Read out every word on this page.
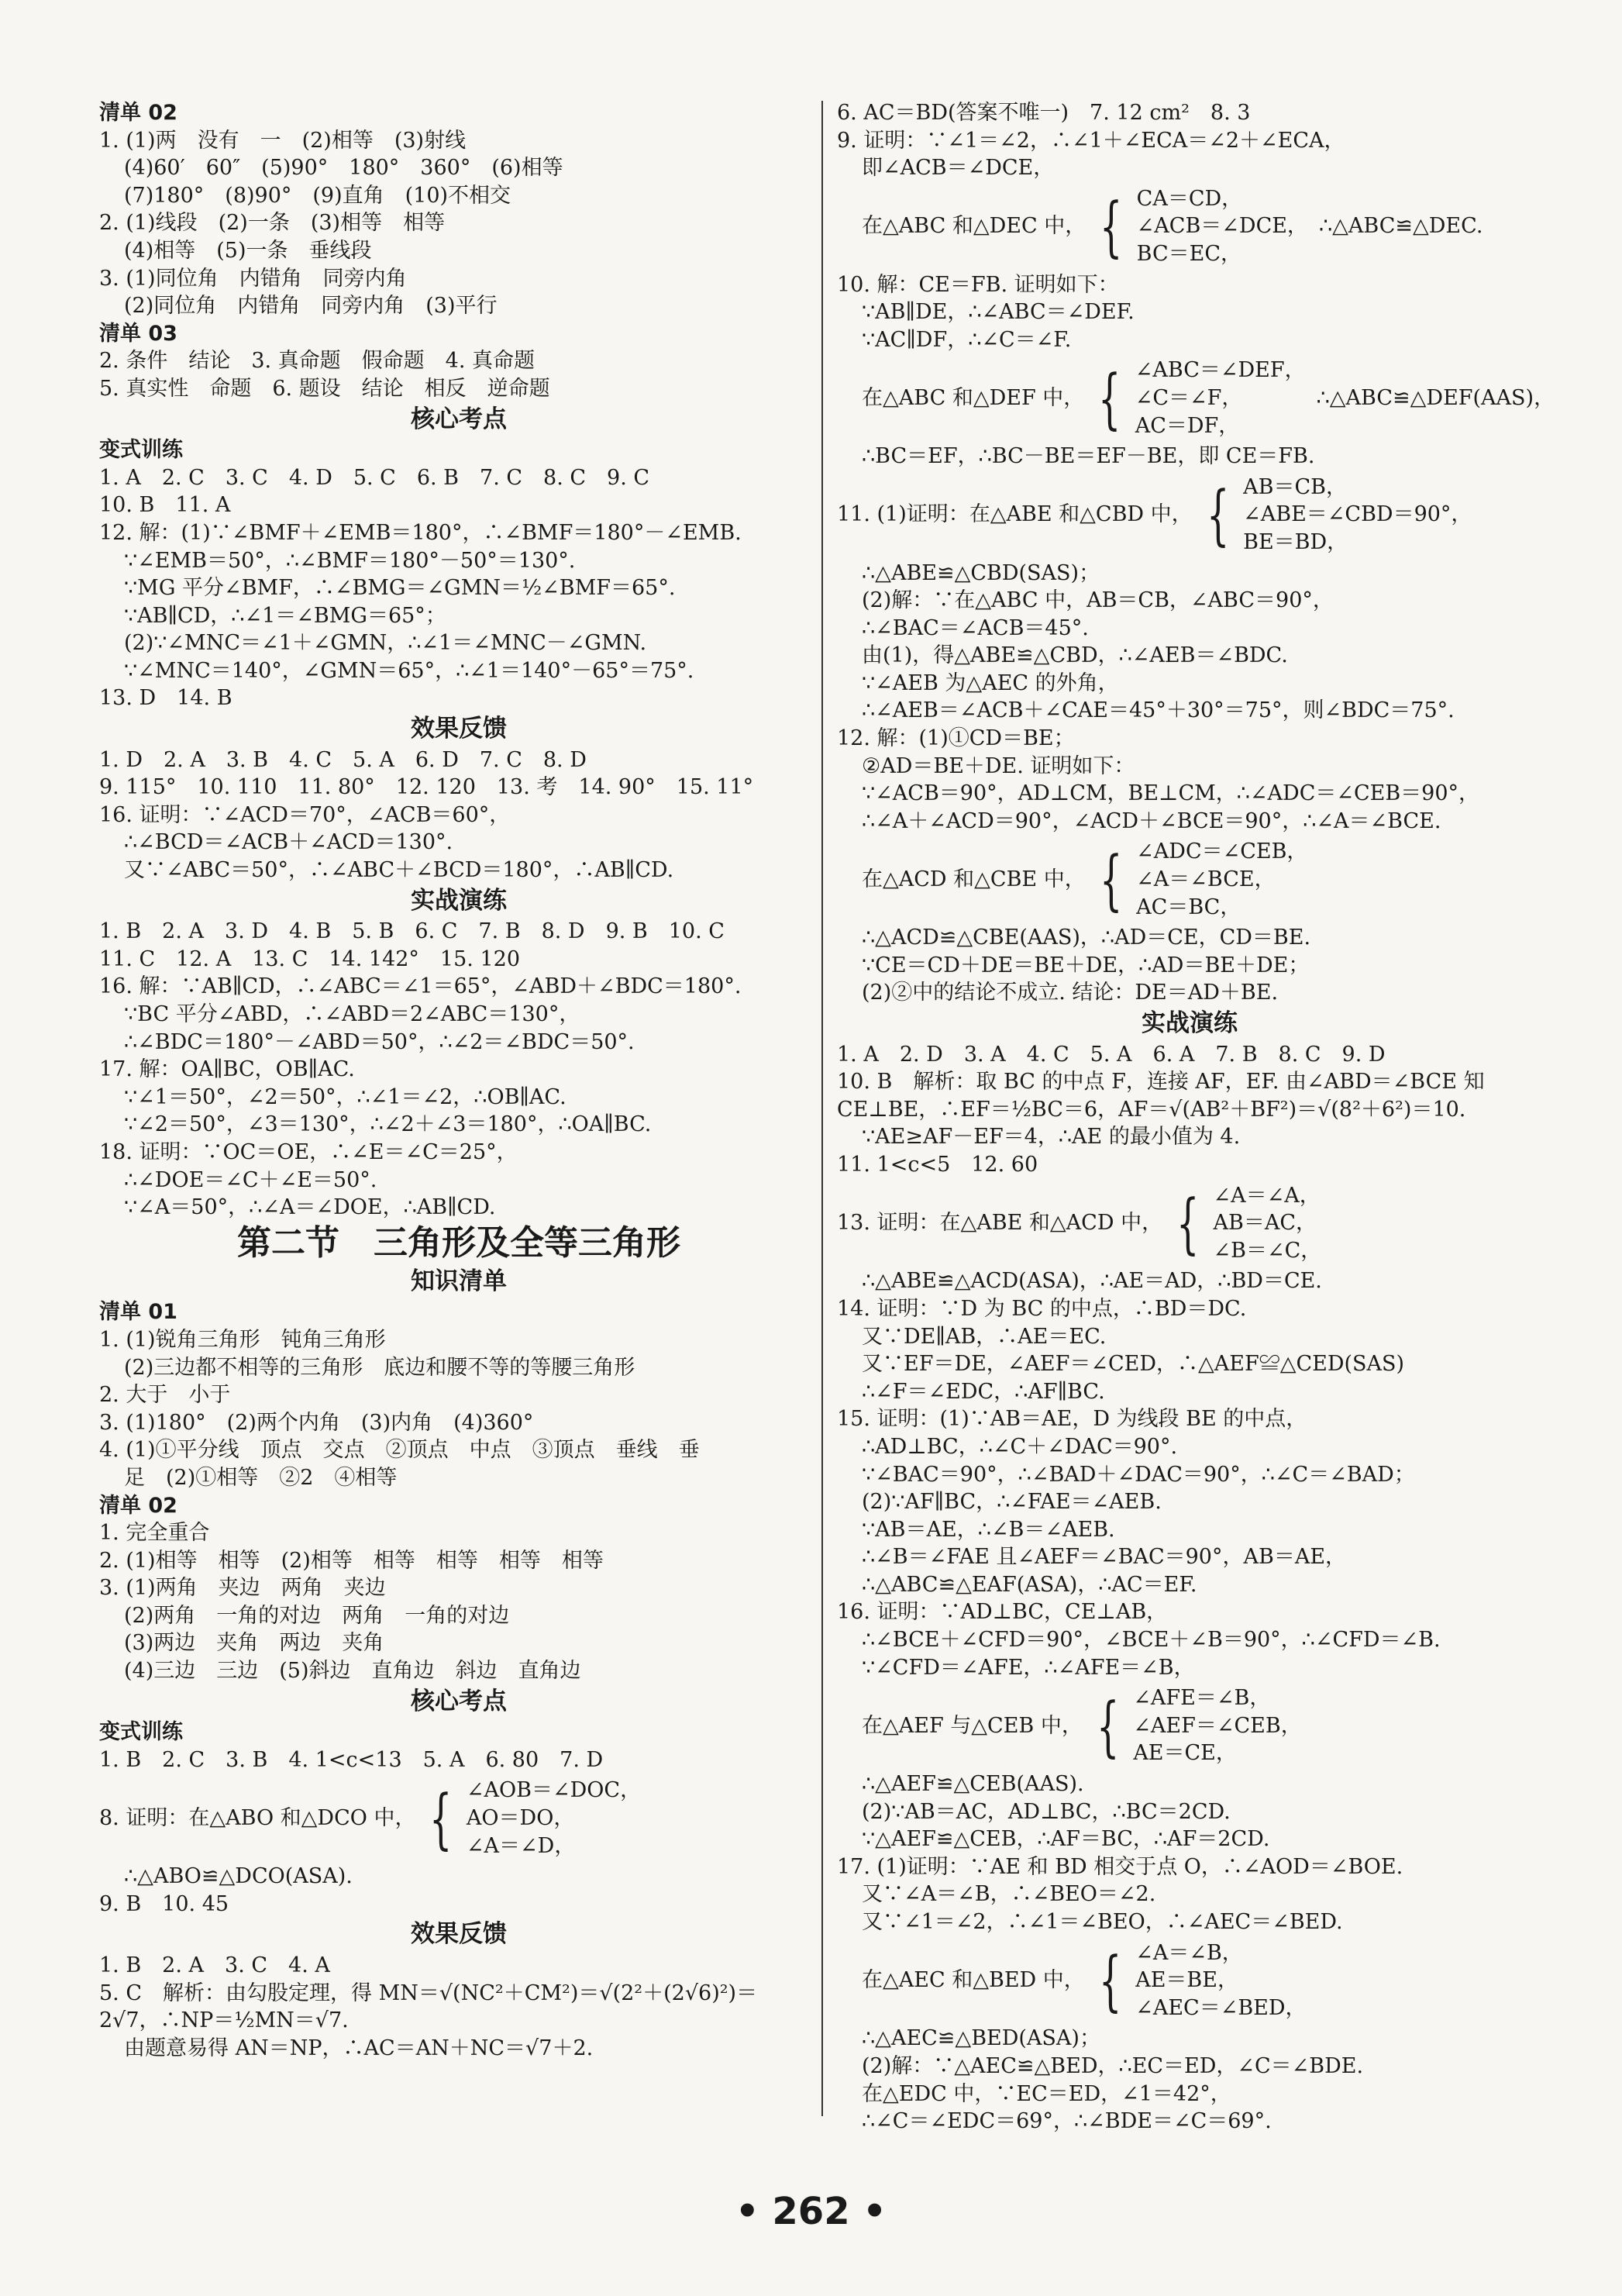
清单 02
1. (1)两　没有　一　(2)相等　(3)射线
(4)60′　60″　(5)90°　180°　360°　(6)相等
(7)180°　(8)90°　(9)直角　(10)不相交
2. (1)线段　(2)一条　(3)相等　相等
(4)相等　(5)一条　垂线段
3. (1)同位角　内错角　同旁内角
(2)同位角　内错角　同旁内角　(3)平行
清单 03
2. 条件　结论　3. 真命题　假命题　4. 真命题
5. 真实性　命题　6. 题设　结论　相反　逆命题
核心考点
变式训练
1. A　2. C　3. C　4. D　5. C　6. B　7. C　8. C　9. C
10. B　11. A
12. 解：(1)∵∠BMF＋∠EMB＝180°，∴∠BMF＝180°－∠EMB.
∵∠EMB＝50°，∴∠BMF＝180°－50°＝130°.
∵MG 平分∠BMF，∴∠BMG＝∠GMN＝½∠BMF＝65°.
∵AB∥CD，∴∠1＝∠BMG＝65°；
(2)∵∠MNC＝∠1＋∠GMN，∴∠1＝∠MNC－∠GMN.
∵∠MNC＝140°，∠GMN＝65°，∴∠1＝140°－65°＝75°.
13. D　14. B
效果反馈
1. D　2. A　3. B　4. C　5. A　6. D　7. C　8. D
9. 115°　10. 110　11. 80°　12. 120　13. 考　14. 90°　15. 11°
16. 证明：∵∠ACD＝70°，∠ACB＝60°，
∴∠BCD＝∠ACB＋∠ACD＝130°.
又∵∠ABC＝50°，∴∠ABC＋∠BCD＝180°，∴AB∥CD.
实战演练
1. B　2. A　3. D　4. B　5. B　6. C　7. B　8. D　9. B　10. C
11. C　12. A　13. C　14. 142°　15. 120
16. 解：∵AB∥CD，∴∠ABC＝∠1＝65°，∠ABD＋∠BDC＝180°.
∵BC 平分∠ABD，∴∠ABD＝2∠ABC＝130°，
∴∠BDC＝180°－∠ABD＝50°，∴∠2＝∠BDC＝50°.
17. 解：OA∥BC，OB∥AC.
∵∠1＝50°，∠2＝50°，∴∠1＝∠2，∴OB∥AC.
∵∠2＝50°，∠3＝130°，∴∠2＋∠3＝180°，∴OA∥BC.
18. 证明：∵OC＝OE，∴∠E＝∠C＝25°，
∴∠DOE＝∠C＋∠E＝50°.
∵∠A＝50°，∴∠A＝∠DOE，∴AB∥CD.
第二节　三角形及全等三角形
知识清单
清单 01
1. (1)锐角三角形　钝角三角形
(2)三边都不相等的三角形　底边和腰不等的等腰三角形
2. 大于　小于
3. (1)180°　(2)两个内角　(3)内角　(4)360°
4. (1)①平分线　顶点　交点　②顶点　中点　③顶点　垂线　垂
足　(2)①相等　②2　④相等
清单 02
1. 完全重合
2. (1)相等　相等　(2)相等　相等　相等　相等　相等
3. (1)两角　夹边　两角　夹边
(2)两角　一角的对边　两角　一角的对边
(3)两边　夹角　两边　夹角
(4)三边　三边　(5)斜边　直角边　斜边　直角边
核心考点
变式训练
1. B　2. C　3. B　4. 1<c<13　5. A　6. 80　7. D
8. 证明：在△ABO 和△DCO 中， { ∠AOB＝∠DOC，
AO＝DO，
∠A＝∠D，
∴△ABO≌△DCO(ASA).
9. B　10. 45
效果反馈
1. B　2. A　3. C　4. A
5. C　解析：由勾股定理，得 MN＝√(NC²＋CM²)＝√(2²＋(2√6)²)＝
2√7，∴NP＝½MN＝√7.
由题意易得 AN＝NP，∴AC＝AN＋NC＝√7＋2.
6. AC＝BD(答案不唯一)　7. 12 cm²　8. 3
9. 证明：∵∠1＝∠2，∴∠1＋∠ECA＝∠2＋∠ECA，
即∠ACB＝∠DCE，
在△ABC 和△DEC 中， { CA＝CD，
∠ACB＝∠DCE，
BC＝EC，
∴△ABC≌△DEC.
10. 解：CE＝FB. 证明如下：
∵AB∥DE，∴∠ABC＝∠DEF.
∵AC∥DF，∴∠C＝∠F.
在△ABC 和△DEF 中， { ∠ABC＝∠DEF，
∠C＝∠F，
AC＝DF，
∴△ABC≌△DEF(AAS)，
∴BC＝EF，∴BC－BE＝EF－BE，即 CE＝FB.
11. (1)证明：在△ABE 和△CBD 中， { AB＝CB，
∠ABE＝∠CBD＝90°，
BE＝BD，
∴△ABE≌△CBD(SAS)；
(2)解：∵在△ABC 中，AB＝CB，∠ABC＝90°，
∴∠BAC＝∠ACB＝45°.
由(1)，得△ABE≌△CBD，∴∠AEB＝∠BDC.
∵∠AEB 为△AEC 的外角，
∴∠AEB＝∠ACB＋∠CAE＝45°＋30°＝75°，则∠BDC＝75°.
12. 解：(1)①CD＝BE；
②AD＝BE＋DE. 证明如下：
∵∠ACB＝90°，AD⊥CM，BE⊥CM，∴∠ADC＝∠CEB＝90°，
∴∠A＋∠ACD＝90°，∠ACD＋∠BCE＝90°，∴∠A＝∠BCE.
在△ACD 和△CBE 中， { ∠ADC＝∠CEB，
∠A＝∠BCE，
AC＝BC，
∴△ACD≌△CBE(AAS)，∴AD＝CE，CD＝BE.
∵CE＝CD＋DE＝BE＋DE，∴AD＝BE＋DE；
(2)②中的结论不成立. 结论：DE＝AD＋BE.
实战演练
1. A　2. D　3. A　4. C　5. A　6. A　7. B　8. C　9. D
10. B　解析：取 BC 的中点 F，连接 AF，EF. 由∠ABD＝∠BCE 知
CE⊥BE，∴EF＝½BC＝6，AF＝√(AB²＋BF²)＝√(8²＋6²)＝10.
∵AE≥AF－EF＝4，∴AE 的最小值为 4.
11. 1<c<5　12. 60
13. 证明：在△ABE 和△ACD 中， { ∠A＝∠A，
AB＝AC，
∠B＝∠C，
∴△ABE≌△ACD(ASA)，∴AE＝AD，∴BD＝CE.
14. 证明：∵D 为 BC 的中点，∴BD＝DC.
又∵DE∥AB，∴AE＝EC.
又∵EF＝DE，∠AEF＝∠CED，∴△AEF≌△CED(SAS)
∴∠F＝∠EDC，∴AF∥BC.
15. 证明：(1)∵AB＝AE，D 为线段 BE 的中点，
∴AD⊥BC，∴∠C＋∠DAC＝90°.
∵∠BAC＝90°，∴∠BAD＋∠DAC＝90°，∴∠C＝∠BAD；
(2)∵AF∥BC，∴∠FAE＝∠AEB.
∵AB＝AE，∴∠B＝∠AEB.
∴∠B＝∠FAE 且∠AEF＝∠BAC＝90°，AB＝AE，
∴△ABC≌△EAF(ASA)，∴AC＝EF.
16. 证明：∵AD⊥BC，CE⊥AB，
∴∠BCE＋∠CFD＝90°，∠BCE＋∠B＝90°，∴∠CFD＝∠B.
∵∠CFD＝∠AFE，∴∠AFE＝∠B，
在△AEF 与△CEB 中， { ∠AFE＝∠B，
∠AEF＝∠CEB，
AE＝CE，
∴△AEF≌△CEB(AAS).
(2)∵AB＝AC，AD⊥BC，∴BC＝2CD.
∵△AEF≌△CEB，∴AF＝BC，∴AF＝2CD.
17. (1)证明：∵AE 和 BD 相交于点 O，∴∠AOD＝∠BOE.
又∵∠A＝∠B，∴∠BEO＝∠2.
又∵∠1＝∠2，∴∠1＝∠BEO，∴∠AEC＝∠BED.
在△AEC 和△BED 中， { ∠A＝∠B，
AE＝BE，
∠AEC＝∠BED，
∴△AEC≌△BED(ASA)；
(2)解：∵△AEC≌△BED，∴EC＝ED，∠C＝∠BDE.
在△EDC 中，∵EC＝ED，∠1＝42°，
∴∠C＝∠EDC＝69°，∴∠BDE＝∠C＝69°.
• 262 •
